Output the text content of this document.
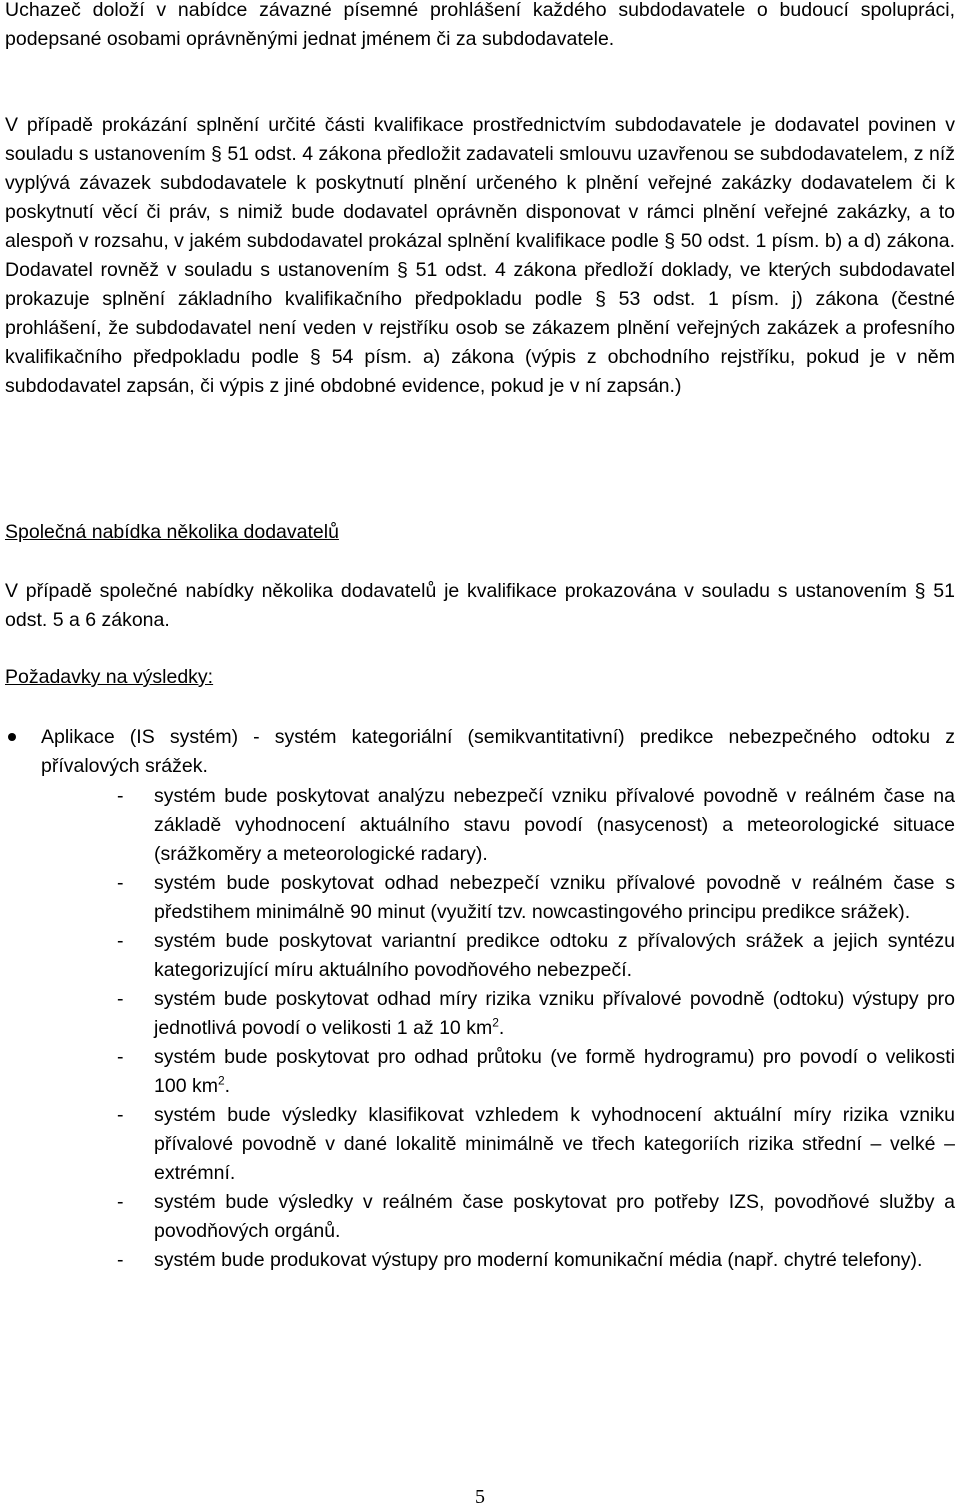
Uchazeč doloží v nabídce závazné písemné prohlášení každého subdodavatele o budoucí spolupráci, podepsané osobami oprávněnými jednat jménem či za subdodavatele.

V případě prokázání splnění určité části kvalifikace prostřednictvím subdodavatele je dodavatel povinen v souladu s ustanovením § 51 odst. 4 zákona předložit zadavateli smlouvu uzavřenou se subdodavatelem, z níž vyplývá závazek subdodavatele k poskytnutí plnění určeného k plnění veřejné zakázky dodavatelem či k poskytnutí věcí či práv, s nimiž bude dodavatel oprávněn disponovat v rámci plnění veřejné zakázky, a to alespoň v rozsahu, v jakém subdodavatel prokázal splnění kvalifikace podle § 50 odst. 1 písm. b) a d) zákona. Dodavatel rovněž v souladu s ustanovením § 51 odst. 4 zákona předloží doklady, ve kterých subdodavatel prokazuje splnění základního kvalifikačního předpokladu podle § 53 odst. 1 písm. j) zákona (čestné prohlášení, že subdodavatel není veden v rejstříku osob se zákazem plnění veřejných zakázek a profesního kvalifikačního předpokladu podle § 54 písm. a) zákona (výpis z obchodního rejstříku, pokud je v něm subdodavatel zapsán, či výpis z jiné obdobné evidence, pokud je v ní zapsán.)

Společná nabídka několika dodavatelů

V případě společné nabídky několika dodavatelů je kvalifikace prokazována v souladu s ustanovením § 51 odst. 5 a 6 zákona.

Požadavky na výsledky:

Aplikace (IS systém) - systém kategoriální (semikvantitativní) predikce nebezpečného odtoku z přívalových srážek.

- systém bude poskytovat analýzu nebezpečí vzniku přívalové povodně v reálném čase na základě vyhodnocení aktuálního stavu povodí (nasycenost) a meteorologické situace (srážkoměry a meteorologické radary).
- systém bude poskytovat odhad nebezpečí vzniku přívalové povodně v reálném čase s předstihem minimálně 90 minut (využití tzv. nowcastingového principu predikce srážek).
- systém bude poskytovat variantní predikce odtoku z přívalových srážek a jejich syntézu kategorizující míru aktuálního povodňového nebezpečí.
- systém bude poskytovat odhad míry rizika vzniku přívalové povodně (odtoku) výstupy pro jednotlivá povodí o velikosti 1 až 10 $km^2$.
- systém bude poskytovat pro odhad průtoku (ve formě hydrogramu) pro povodí o velikosti 100 $km^2$.
- systém bude výsledky klasifikovat vzhledem k vyhodnocení aktuální míry rizika vzniku přívalové povodně v dané lokalitě minimálně ve třech kategoriích rizika střední – velké – extrémní.
- systém bude výsledky v reálném čase poskytovat pro potřeby IZS, povodňové služby a povodňových orgánů.
- systém bude produkovat výstupy pro moderní komunikační média (např. chytré telefony).
5
